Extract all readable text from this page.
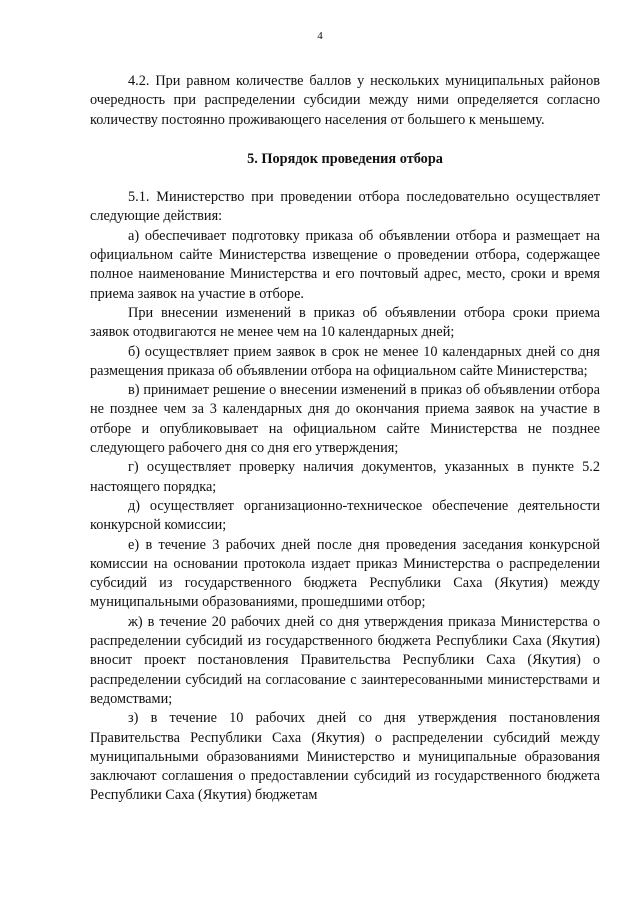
4

4.2. При равном количестве баллов у нескольких муниципальных районов очередность при распределении субсидии между ними определяется согласно количеству постоянно проживающего населения от большего к меньшему.

5. Порядок проведения отбора

5.1. Министерство при проведении отбора последовательно осуществляет следующие действия:

а) обеспечивает подготовку приказа об объявлении отбора и размещает на официальном сайте Министерства извещение о проведении отбора, содержащее полное наименование Министерства и его почтовый адрес, место, сроки и время приема заявок на участие в отборе.

При внесении изменений в приказ об объявлении отбора сроки приема заявок отодвигаются не менее чем на 10 календарных дней;

б) осуществляет прием заявок в срок не менее 10 календарных дней со дня размещения приказа об объявлении отбора на официальном сайте Министерства;

в) принимает решение о внесении изменений в приказ об объявлении отбора не позднее чем за 3 календарных дня до окончания приема заявок на участие в отборе и опубликовывает на официальном сайте Министерства не позднее следующего рабочего дня со дня его утверждения;

г) осуществляет проверку наличия документов, указанных в пункте 5.2 настоящего порядка;

д) осуществляет организационно-техническое обеспечение деятельности конкурсной комиссии;

е) в течение 3 рабочих дней после дня проведения заседания конкурсной комиссии на основании протокола издает приказ Министерства о распределении субсидий из государственного бюджета Республики Саха (Якутия) между муниципальными образованиями, прошедшими отбор;

ж) в течение 20 рабочих дней со дня утверждения приказа Министерства о распределении субсидий из государственного бюджета Республики Саха (Якутия) вносит проект постановления Правительства Республики Саха (Якутия) о распределении субсидий на согласование с заинтересованными министерствами и ведомствами;

з) в течение 10 рабочих дней со дня утверждения постановления Правительства Республики Саха (Якутия) о распределении субсидий между муниципальными образованиями Министерство и муниципальные образования заключают соглашения о предоставлении субсидий из государственного бюджета Республики Саха (Якутия) бюджетам
